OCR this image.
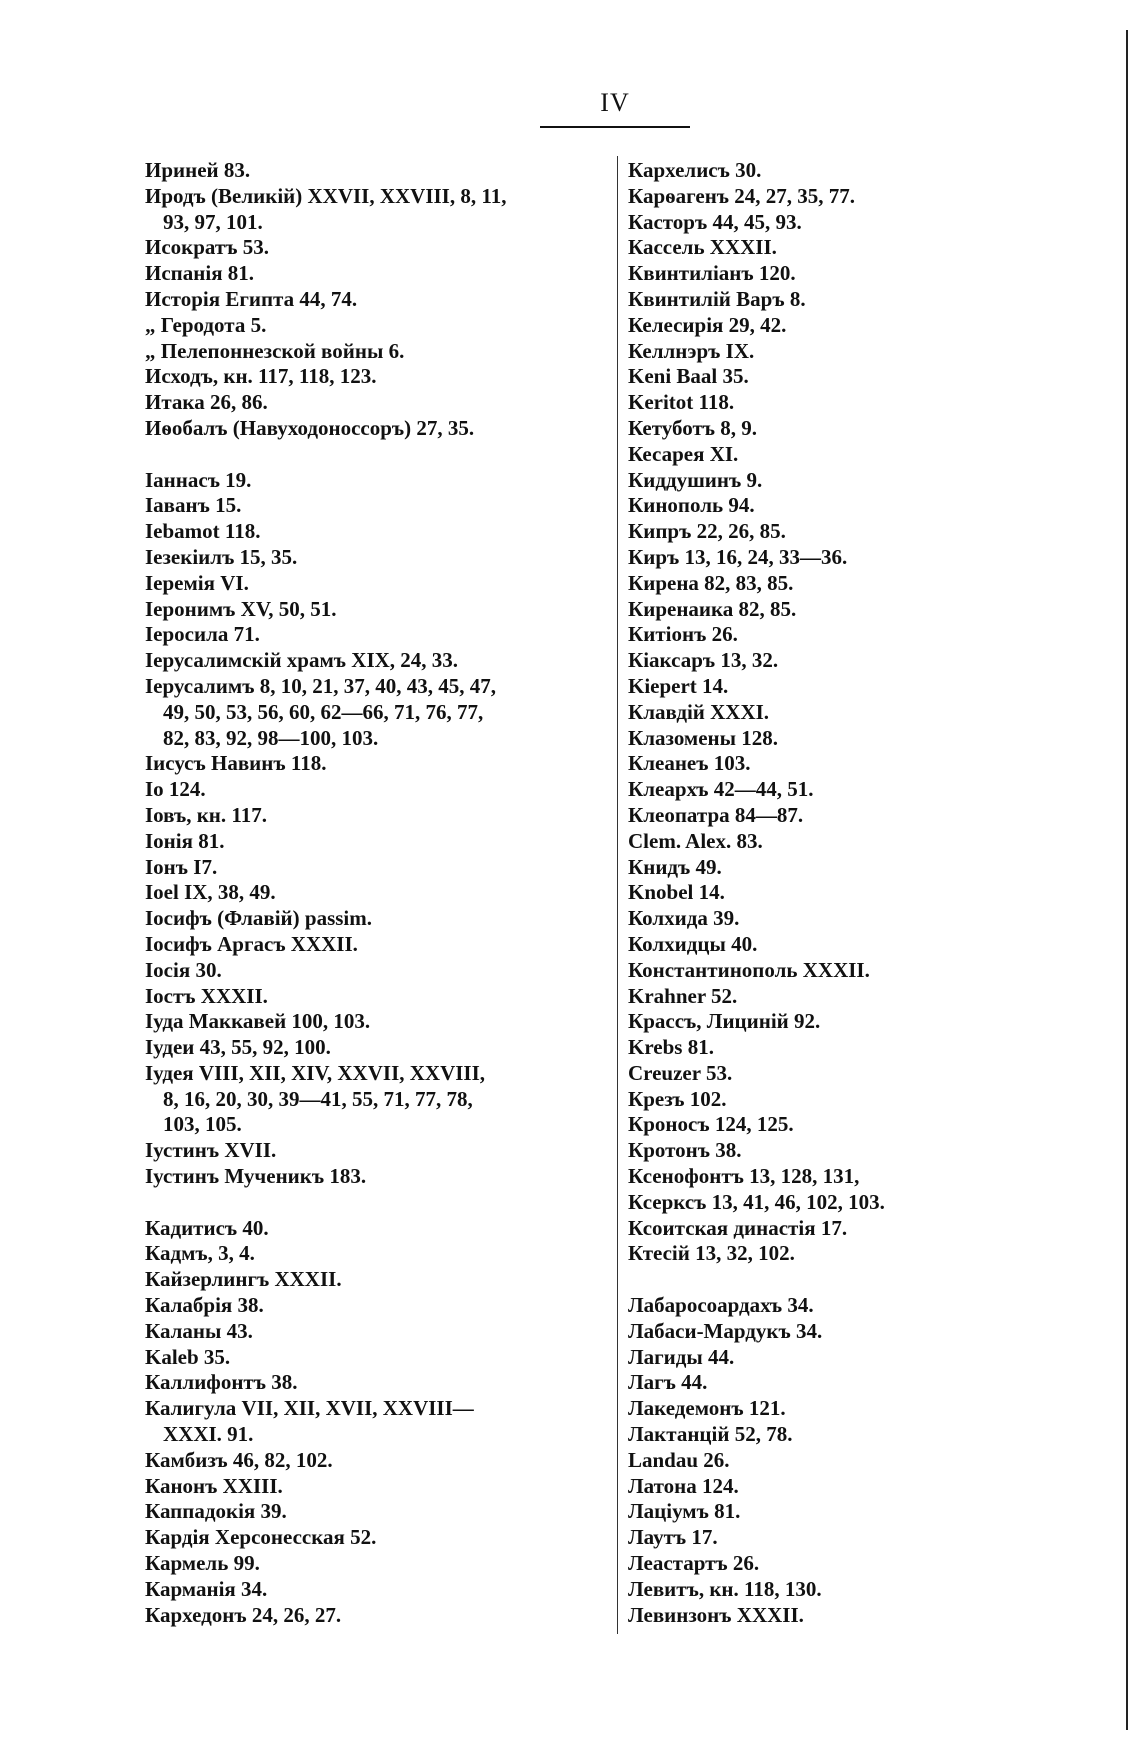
IV
Ириней 83.
Иродъ (Великій) XXVII, XXVIII, 8, 11,
93, 97, 101.
Исократъ 53.
Испанія 81.
Исторія Египта 44, 74.
„ Геродота 5.
„ Пелепоннезской войны 6.
Исходъ, кн. 117, 118, 123.
Итака 26, 86.
Иѳобалъ (Навуходоноссоръ) 27, 35.
Іаннасъ 19.
Іаванъ 15.
Iebamot 118.
Іезекіилъ 15, 35.
Іеремія VI.
Іеронимъ XV, 50, 51.
Іеросила 71.
Іерусалимскій храмъ XIX, 24, 33.
Іерусалимъ 8, 10, 21, 37, 40, 43, 45, 47,
49, 50, 53, 56, 60, 62—66, 71, 76, 77,
82, 83, 92, 98—100, 103.
Іисусъ Навинъ 118.
Іо 124.
Іовъ, кн. 117.
Іонія 81.
Іонъ I7.
Ioel IX, 38, 49.
Іосифъ (Флавій) passim.
Іосифъ Аргасъ XXXII.
Іосія 30.
Іостъ XXXII.
Іуда Маккавей 100, 103.
Іудеи 43, 55, 92, 100.
Іудея VIII, XII, XIV, XXVII, XXVIII,
8, 16, 20, 30, 39—41, 55, 71, 77, 78,
103, 105.
Іустинъ XVII.
Іустинъ Мученикъ 183.
Кадитисъ 40.
Кадмъ, 3, 4.
Кайзерлингъ XXXII.
Калабрія 38.
Каланы 43.
Kaleb 35.
Каллифонтъ 38.
Калигула VII, XII, XVII, XXVIII—
XXXI. 91.
Камбизъ 46, 82, 102.
Канонъ XXIII.
Каппадокія 39.
Кардія Херсонесская 52.
Кармель 99.
Карманія 34.
Кархедонъ 24, 26, 27.
Кархелисъ 30.
Карѳагенъ 24, 27, 35, 77.
Касторъ 44, 45, 93.
Кассель XXXII.
Квинтиліанъ 120.
Квинтилій Варъ 8.
Келесирія 29, 42.
Келлнэръ IX.
Keni Baal 35.
Keritot 118.
Кетуботъ 8, 9.
Кесарея XI.
Киддушинъ 9.
Кинополь 94.
Кипръ 22, 26, 85.
Киръ 13, 16, 24, 33—36.
Кирена 82, 83, 85.
Киренаика 82, 85.
Китіонъ 26.
Кіаксаръ 13, 32.
Kiepert 14.
Клавдій XXXI.
Клазомены 128.
Клеанеъ 103.
Клеархъ 42—44, 51.
Клеопатра 84—87.
Clem. Alex. 83.
Книдъ 49.
Knobel 14.
Колхида 39.
Колхидцы 40.
Константинополь XXXII.
Krahner 52.
Крассъ, Лициній 92.
Krebs 81.
Creuzer 53.
Крезъ 102.
Кроносъ 124, 125.
Кротонъ 38.
Ксенофонтъ 13, 128, 131,
Ксерксъ 13, 41, 46, 102, 103.
Ксоитская династія 17.
Ктесій 13, 32, 102.
Лабаросоардахъ 34.
Лабаси-Мардукъ 34.
Лагиды 44.
Лагъ 44.
Лакедемонъ 121.
Лактанцій 52, 78.
Landau 26.
Латона 124.
Лаціумъ 81.
Лаутъ 17.
Леастартъ 26.
Левитъ, кн. 118, 130.
Левинзонъ XXXII.
